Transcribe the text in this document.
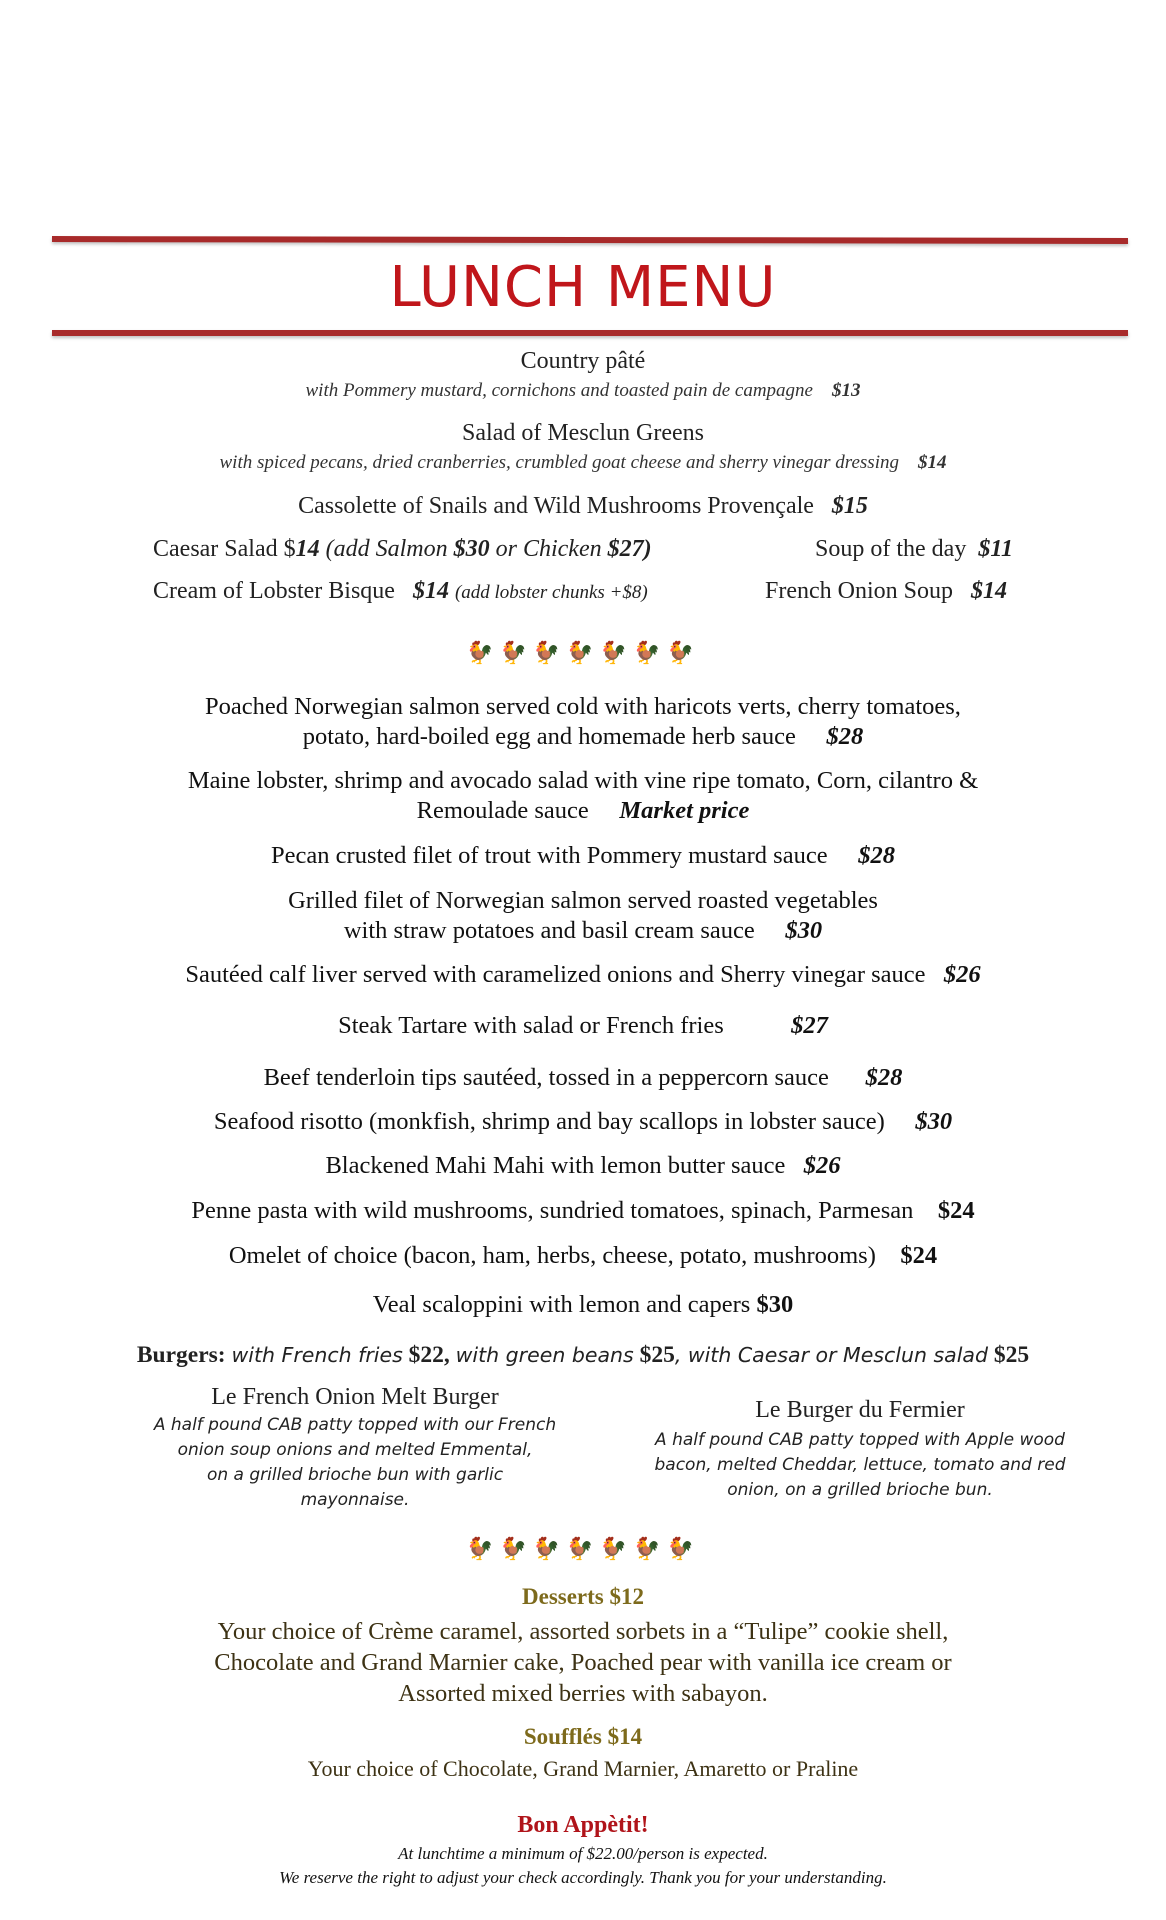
LUNCH MENU
Country pâté
with Pommery mustard, cornichons and toasted pain de campagne $13
Salad of Mesclun Greens
with spiced pecans, dried cranberries, crumbled goat cheese and sherry vinegar dressing $14
Cassolette of Snails and Wild Mushrooms Provençale $15
Caesar Salad $14 (add Salmon $30 or Chicken $27)	Soup of the day $11
Cream of Lobster Bisque $14 (add lobster chunks +$8)	French Onion Soup $14
🐓🐓🐓🐓🐓🐓🐓
Poached Norwegian salmon served cold with haricots verts, cherry tomatoes,
potato, hard-boiled egg and homemade herb sauce $28
Maine lobster, shrimp and avocado salad with vine ripe tomato, Corn, cilantro &
Remoulade sauce Market price
Pecan crusted filet of trout with Pommery mustard sauce $28
Grilled filet of Norwegian salmon served roasted vegetables
with straw potatoes and basil cream sauce $30
Sautéed calf liver served with caramelized onions and Sherry vinegar sauce $26
Steak Tartare with salad or French fries	$27
Beef tenderloin tips sautéed, tossed in a peppercorn sauce $28
Seafood risotto (monkfish, shrimp and bay scallops in lobster sauce) $30
Blackened Mahi Mahi with lemon butter sauce $26
Penne pasta with wild mushrooms, sundried tomatoes, spinach, Parmesan $24
Omelet of choice (bacon, ham, herbs, cheese, potato, mushrooms) $24
Veal scaloppini with lemon and capers $30
Burgers: with French fries $22, with green beans $25, with Caesar or Mesclun salad $25
Le French Onion Melt Burger
A half pound CAB patty topped with our French
onion soup onions and melted Emmental,
on a grilled brioche bun with garlic
mayonnaise.
Le Burger du Fermier
A half pound CAB patty topped with Apple wood
bacon, melted Cheddar, lettuce, tomato and red
onion, on a grilled brioche bun.
🐓🐓🐓🐓🐓🐓🐓
Desserts $12
Your choice of Crème caramel, assorted sorbets in a “Tulipe” cookie shell,
Chocolate and Grand Marnier cake, Poached pear with vanilla ice cream or
Assorted mixed berries with sabayon.
Soufflés $14
Your choice of Chocolate, Grand Marnier, Amaretto or Praline
Bon Appètit!
At lunchtime a minimum of $22.00/person is expected.
We reserve the right to adjust your check accordingly. Thank you for your understanding.
